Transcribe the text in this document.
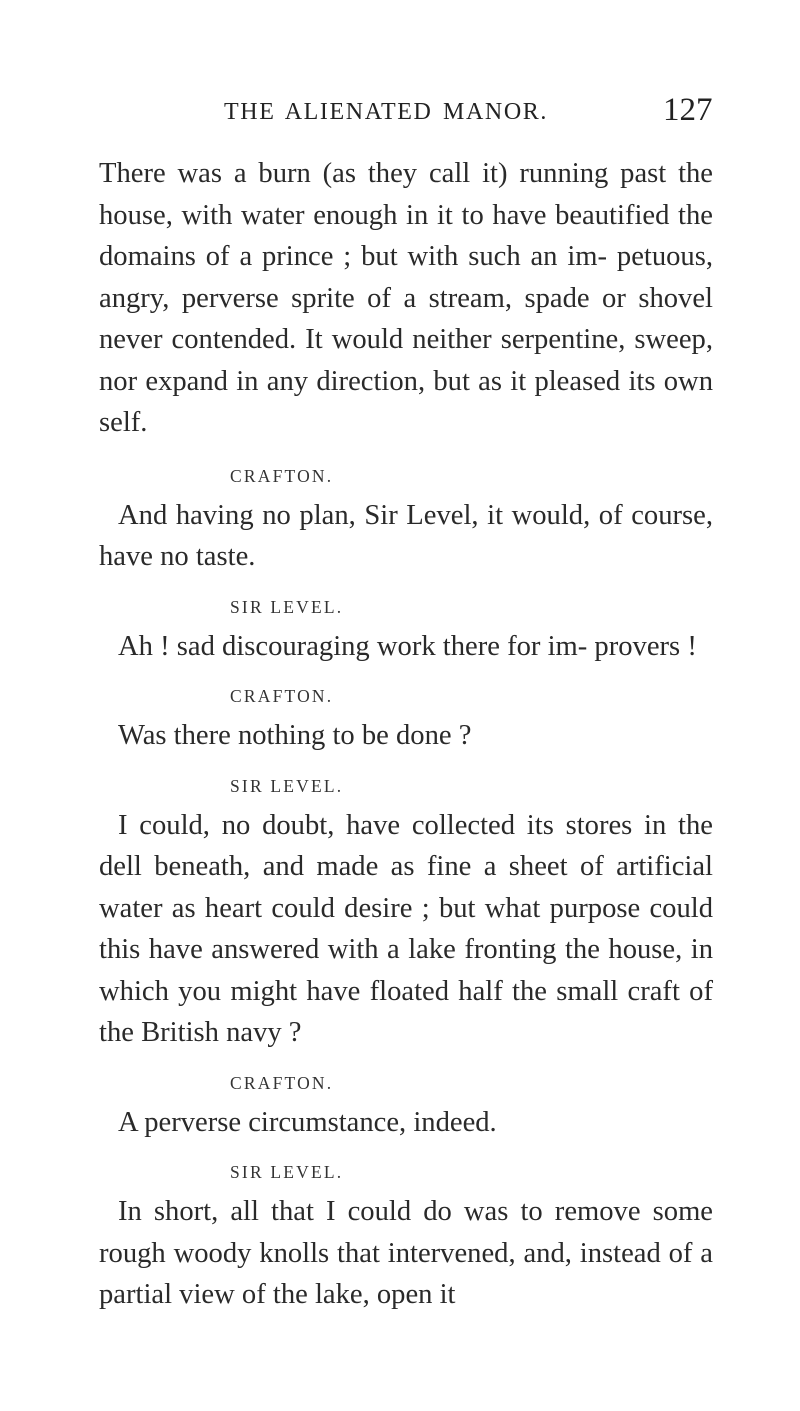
THE ALIENATED MANOR.	127

There was a burn (as they call it) running past the house, with water enough in it to have beautified the domains of a prince ; but with such an im- petuous, angry, perverse sprite of a stream, spade or shovel never contended. It would neither serpentine, sweep, nor expand in any direction, but as it pleased its own self.

CRAFTON.

And having no plan, Sir Level, it would, of course, have no taste.

SIR LEVEL.

Ah ! sad discouraging work there for im- provers !

CRAFTON.

Was there nothing to be done ?

SIR LEVEL.

I could, no doubt, have collected its stores in the dell beneath, and made as fine a sheet of artificial water as heart could desire ; but what purpose could this have answered with a lake fronting the house, in which you might have floated half the small craft of the British navy ?

CRAFTON.

A perverse circumstance, indeed.

SIR LEVEL.

In short, all that I could do was to remove some rough woody knolls that intervened, and, instead of a partial view of the lake, open it
